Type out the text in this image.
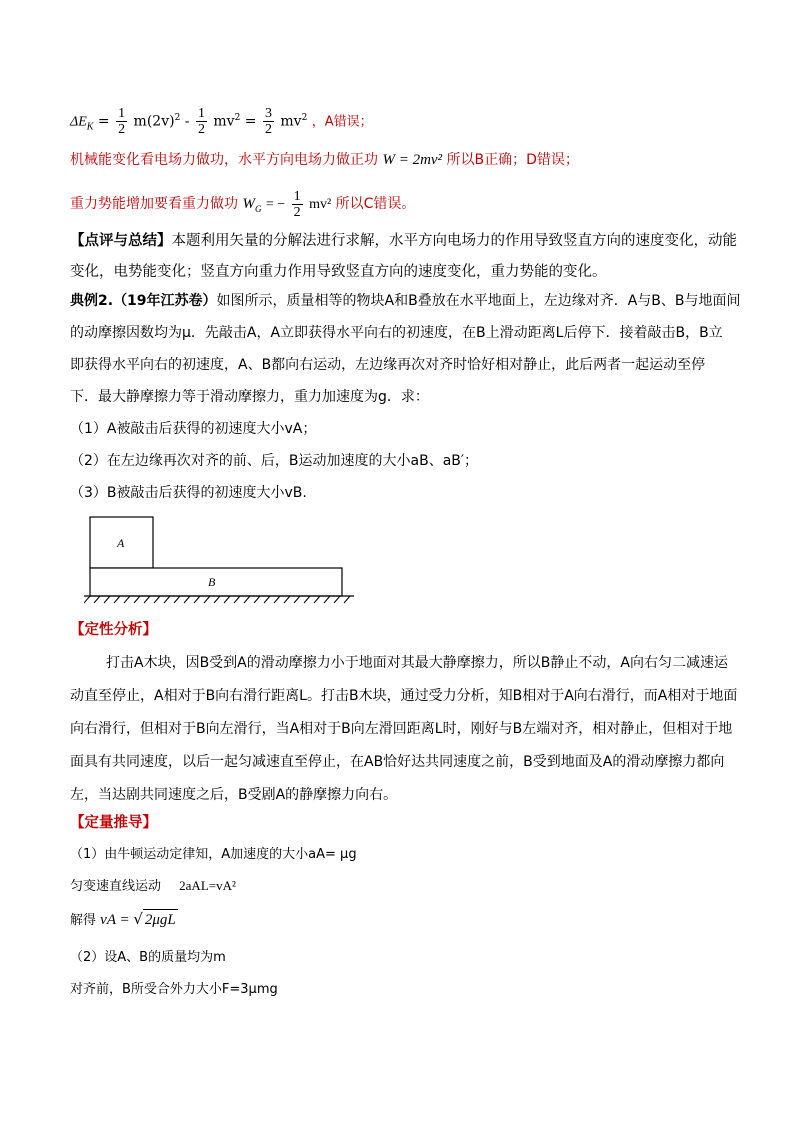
$\Delta E_K = \frac{1}{2} m(2v)^2 - \frac{1}{2} mv^2 = \frac{3}{2} mv^2$ ，A错误；
机械能变化看电场力做功，水平方向电场力做正功 W = 2mv² 所以B正确；D错误；
重力势能增加要看重力做功 $W_G$ = − $\frac{1}{2} mv^2$ 所以C错误。
【点评与总结】本题利用矢量的分解法进行求解，水平方向电场力的作用导致竖直方向的速度变化，动能
变化，电势能变化；竖直方向重力作用导致竖直方向的速度变化，重力势能的变化。
典例2.（19年江苏卷）如图所示，质量相等的物块A和B叠放在水平地面上，左边缘对齐．A与B、B与地面间
的动摩擦因数均为μ．先敲击A，A立即获得水平向右的初速度，在B上滑动距离L后停下．接着敲击B，B立
即获得水平向右的初速度，A、B都向右运动，左边缘再次对齐时恰好相对静止，此后两者一起运动至停
下．最大静摩擦力等于滑动摩擦力，重力加速度为g．求：
（1）A被敲击后获得的初速度大小vA；
（2）在左边缘再次对齐的前、后，B运动加速度的大小aB、aB′；
（3）B被敲击后获得的初速度大小vB.
A
B
【定性分析】
打击A木块，因B受到A的滑动摩擦力小于地面对其最大静摩擦力，所以B静止不动，A向右匀二减速运
动直至停止，A相对于B向右滑行距离L。打击B木块，通过受力分析，知B相对于A向右滑行，而A相对于地面
向右滑行，但相对于B向左滑行，当A相对于B向左滑回距离L时，刚好与B左端对齐，相对静止，但相对于地
面具有共同速度，以后一起匀减速直至停止，在AB恰好达共同速度之前，B受到地面及A的滑动摩擦力都向
左，当达剧共同速度之后，B受剧A的静摩擦力向右。
【定量推导】
（1）由牛顿运动定律知，A加速度的大小aA= μg
匀变速直线运动 2aAL=vA²
解得 vA = √ 2μgL
（2）设A、B的质量均为m
对齐前，B所受合外力大小F=3μmg
